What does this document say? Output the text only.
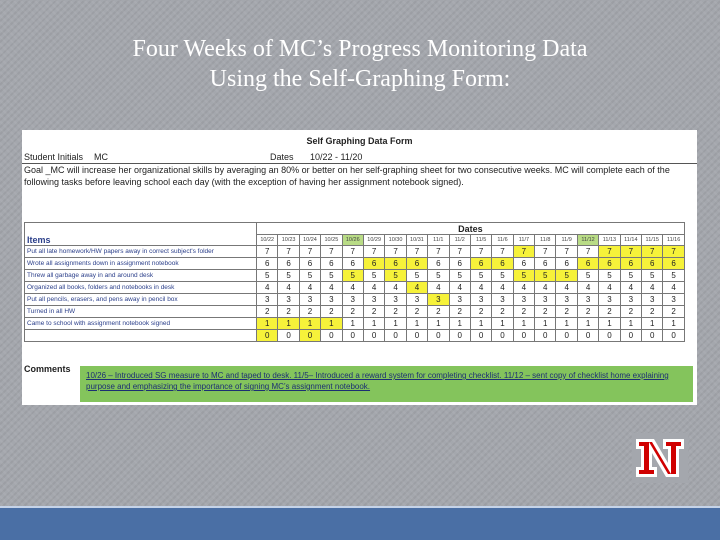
Four Weeks of MC’s Progress Monitoring Data
Using the Self-Graphing Form:
Self Graphing Data Form
Student Initials MC	Dates 10/22 - 11/20
Goal _MC will increase her organizational skills by averaging an 80% or better on her self-graphing sheet for two consecutive weeks. MC will complete each of the following tasks before leaving school each day (with the exception of having her assignment notebook signed).
Items	Dates																			
	10/22	10/23	10/24	10/25	10/26	10/29	10/30	10/31	11/1	11/2	11/5	11/6	11/7	11/8	11/9	11/12	11/13	11/14	11/15	11/16
Put all late homework/HW papers away in correct subject's folder	7	7	7	7	7	7	7	7	7	7	7	7	7	7	7	7	7	7	7	7
Wrote all assignments down in assignment notebook	6	6	6	6	6	6	6	6	6	6	6	6	6	6	6	6	6	6	6	6
Threw all garbage away in and around desk	5	5	5	5	5	5	5	5	5	5	5	5	5	5	5	5	5	5	5	5
Organized all books, folders and notebooks in desk	4	4	4	4	4	4	4	4	4	4	4	4	4	4	4	4	4	4	4	4
Put all pencils, erasers, and pens away in pencil box	3	3	3	3	3	3	3	3	3	3	3	3	3	3	3	3	3	3	3	3
Turned in all HW	2	2	2	2	2	2	2	2	2	2	2	2	2	2	2	2	2	2	2	2
Came to school with assignment notebook signed	1	1	1	1	1	1	1	1	1	1	1	1	1	1	1	1	1	1	1	1
	0	0	0	0	0	0	0	0	0	0	0	0	0	0	0	0	0	0	0	0
Comments
10/26 – Introduced SG measure to MC and taped to desk. 11/5– Introduced a reward system for completing checklist. 11/12 – sent copy of checklist home explaining purpose and emphasizing the importance of signing MC’s assignment notebook.
